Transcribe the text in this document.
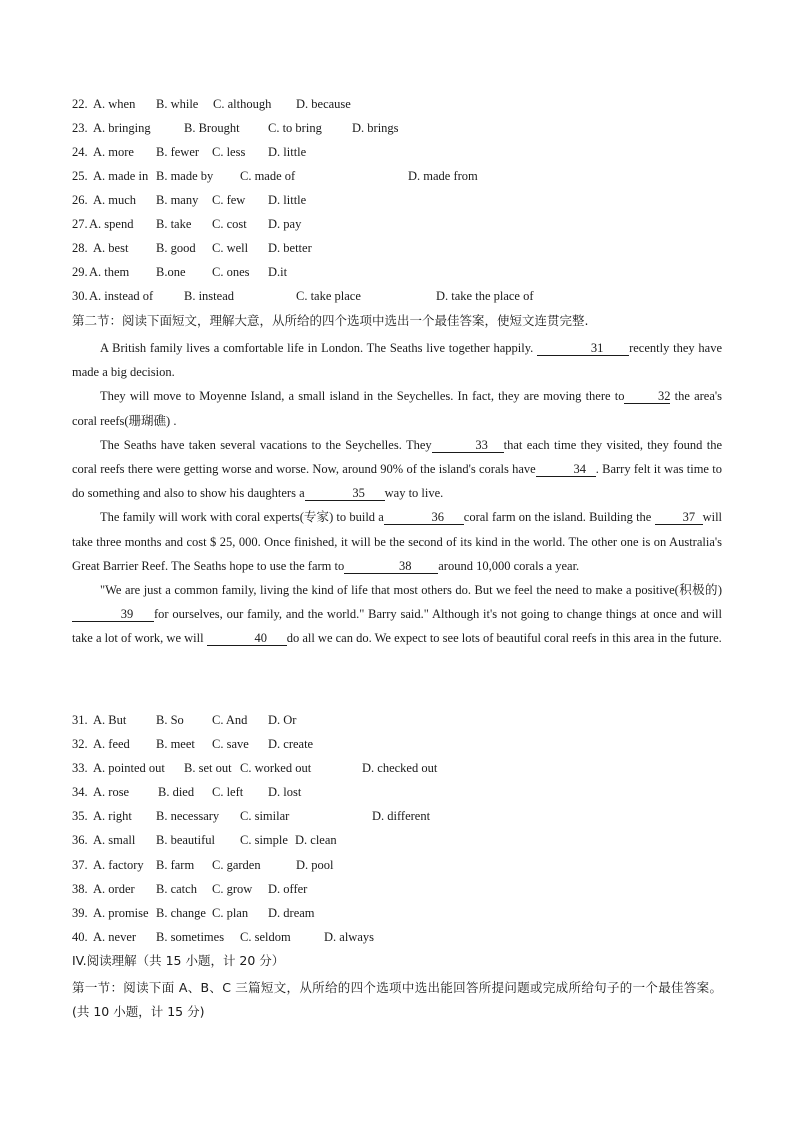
22. A. when B. while C. although D. because
23. A. bringing	B. Brought C. to bring D. brings
24. A. more B. fewer C. less D. little
25. A. made in B. made by C. made of	D. made from
26. A. much B. many C. few D. little
27. A. spend B. take C. cost D. pay
28. A. best B. good C. well D. better
29. A. them B.one C. ones D.it
30. A. instead of B. instead	C. take place	D. take the place of
第二节：阅读下面短文，理解大意，从所给的四个选项中选出一个最佳答案，使短文连贯完整.

A British family lives a comfortable life in London. The Seaths live together happily.	31 recently they have made a big decision.

They will move to Moyenne Island, a small island in the Seychelles. In fact, they are moving there to	32 the area's coral reefs(珊瑚礁) .

The Seaths have taken several vacations to the Seychelles. They	33 that each time they visited, they found the coral reefs there were getting worse and worse. Now, around 90% of the island's corals have	34 . Barry felt it was time to do something and also to show his daughters a	35 way to live.

The family will work with coral experts(专家) to build a	36 coral farm on the island. Building the 37 will take three months and cost $ 25, 000. Once finished, it will be the second of its kind in the world. The other one is on Australia's Great Barrier Reef. The Seaths hope to use the farm to	38 around 10,000 corals a year.

"We are just a common family, living the kind of life that most others do. But we feel the need to make a positive(积极的) 39 for ourselves, our family, and the world." Barry said." Although it's not going to change things at once and will take a lot of work, we will	40 do all we can do. We expect to see lots of beautiful coral reefs in this area in the future.

31. A. But B. So C. And D. Or
32. A. feed B. meet C. save D. create
33. A. pointed out B. set out C. worked out	D. checked out
34. A. rose B. died C. left D. lost
35. A. right B. necessary C. similar	D. different
36. A. small B. beautiful C. simple D. clean
37. A. factory B. farm C. garden	D. pool
38. A. order B. catch C. grow D. offer
39. A. promise B. change C. plan D. dream
40. A. never B. sometimes C. seldom	D. always
IV.阅读理解（共 15 小题，计 20 分）
第一节：阅读下面 A、B、C 三篇短文，从所给的四个选项中选出能回答所提问题或完成所给句子的一个最佳答案。(共 10 小题，计 15 分)
